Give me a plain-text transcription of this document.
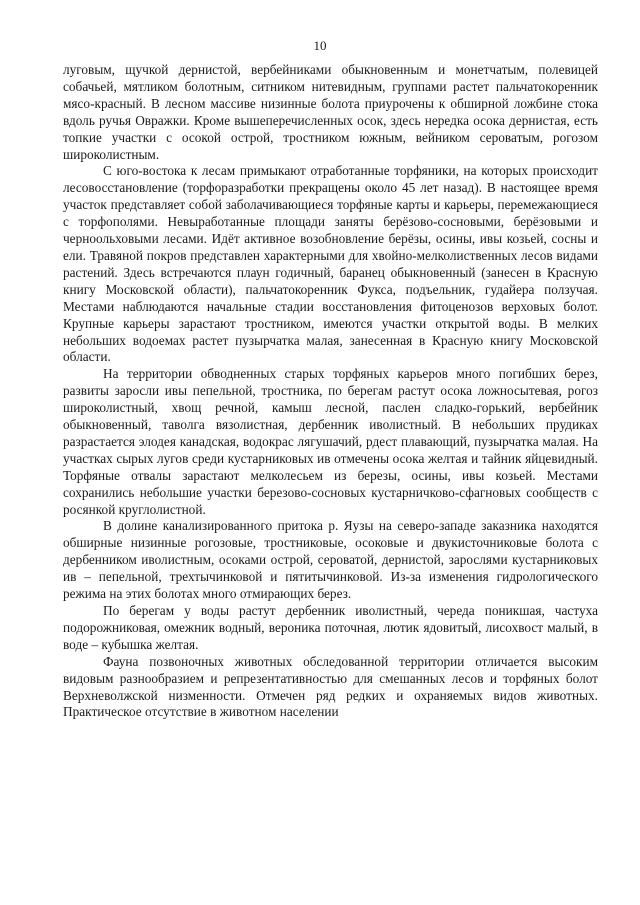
10

луговым, щучкой дернистой, вербейниками обыкновенным и монетчатым, полевицей собачьей, мятликом болотным, ситником нитевидным, группами растет пальчатокоренник мясо-красный. В лесном массиве низинные болота приурочены к обширной ложбине стока вдоль ручья Овражки. Кроме вышеперечисленных осок, здесь нередка осока дернистая, есть топкие участки с осокой острой, тростником южным, вейником сероватым, рогозом широколистным.

С юго-востока к лесам примыкают отработанные торфяники, на которых происходит лесовосстановление (торфоразработки прекращены около 45 лет назад). В настоящее время участок представляет собой заболачивающиеся торфяные карты и карьеры, перемежающиеся с торфополями. Невыработанные площади заняты берёзово-сосновыми, берёзовыми и черноольховыми лесами. Идёт активное возобновление берёзы, осины, ивы козьей, сосны и ели. Травяной покров представлен характерными для хвойно-мелколиственных лесов видами растений. Здесь встречаются плаун годичный, баранец обыкновенный (занесен в Красную книгу Московской области), пальчатокоренник Фукса, подъельник, гудайера ползучая. Местами наблюдаются начальные стадии восстановления фитоценозов верховых болот. Крупные карьеры зарастают тростником, имеются участки открытой воды. В мелких небольших водоемах растет пузырчатка малая, занесенная в Красную книгу Московской области.

На территории обводненных старых торфяных карьеров много погибших берез, развиты заросли ивы пепельной, тростника, по берегам растут осока ложносытевая, рогоз широколистный, хвощ речной, камыш лесной, паслен сладко-горький, вербейник обыкновенный, таволга вязолистная, дербенник иволистный. В небольших прудиках разрастается элодея канадская, водокрас лягушачий, рдест плавающий, пузырчатка малая. На участках сырых лугов среди кустарниковых ив отмечены осока желтая и тайник яйцевидный. Торфяные отвалы зарастают мелколесьем из березы, осины, ивы козьей. Местами сохранились небольшие участки березово-сосновых кустарничково-сфагновых сообществ с росянкой круглолистной.

В долине канализированного притока р. Яузы на северо-западе заказника находятся обширные низинные рогозовые, тростниковые, осоковые и двукисточниковые болота с дербенником иволистным, осоками острой, сероватой, дернистой, зарослями кустарниковых ив – пепельной, трехтычинковой и пятитычинковой. Из-за изменения гидрологического режима на этих болотах много отмирающих берез.

По берегам у воды растут дербенник иволистный, череда поникшая, частуха подорожниковая, омежник водный, вероника поточная, лютик ядовитый, лисохвост малый, в воде – кубышка желтая.

Фауна позвоночных животных обследованной территории отличается высоким видовым разнообразием и репрезентативностью для смешанных лесов и торфяных болот Верхневолжской низменности. Отмечен ряд редких и охраняемых видов животных. Практическое отсутствие в животном населении
